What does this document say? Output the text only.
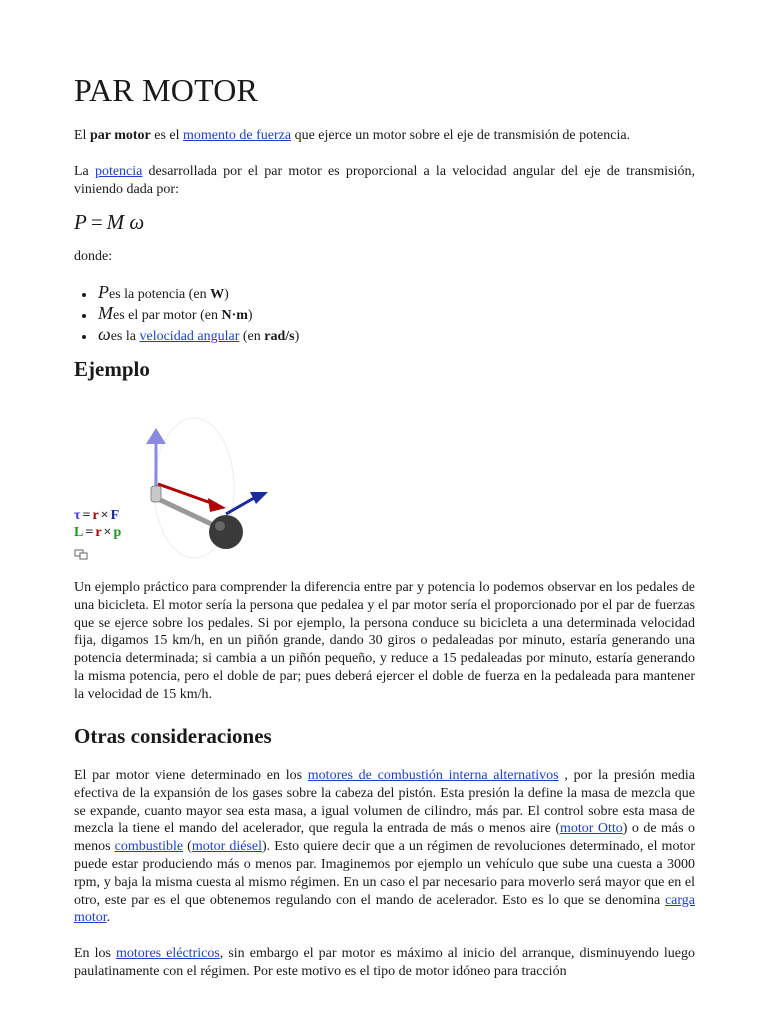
PAR MOTOR

El par motor es el momento de fuerza que ejerce un motor sobre el eje de transmisión de potencia.

La potencia desarrollada por el par motor es proporcional a la velocidad angular del eje de transmisión, viniendo dada por:

P = M ω

donde:

• Pes la potencia (en W)
• Mes el par motor (en N·m)
• ωes la velocidad angular (en rad/s)
Ejemplo
τ = r × F
L = r × p

Un ejemplo práctico para comprender la diferencia entre par y potencia lo podemos observar en los pedales de una bicicleta. El motor sería la persona que pedalea y el par motor sería el proporcionado por el par de fuerzas que se ejerce sobre los pedales. Si por ejemplo, la persona conduce su bicicleta a una determinada velocidad fija, digamos 15 km/h, en un piñón grande, dando 30 giros o pedaleadas por minuto, estaría generando una potencia determinada; si cambia a un piñón pequeño, y reduce a 15 pedaleadas por minuto, estaría generando la misma potencia, pero el doble de par; pues deberá ejercer el doble de fuerza en la pedaleada para mantener la velocidad de 15 km/h.

Otras consideraciones

El par motor viene determinado en los motores de combustión interna alternativos , por la presión media efectiva de la expansión de los gases sobre la cabeza del pistón. Esta presión la define la masa de mezcla que se expande, cuanto mayor sea esta masa, a igual volumen de cilindro, más par. El control sobre esta masa de mezcla la tiene el mando del acelerador, que regula la entrada de más o menos aire (motor Otto) o de más o menos combustible (motor diésel). Esto quiere decir que a un régimen de revoluciones determinado, el motor puede estar produciendo más o menos par. Imaginemos por ejemplo un vehículo que sube una cuesta a 3000 rpm, y baja la misma cuesta al mismo régimen. En un caso el par necesario para moverlo será mayor que en el otro, este par es el que obtenemos regulando con el mando de acelerador. Esto es lo que se denomina carga motor.

En los motores eléctricos, sin embargo el par motor es máximo al inicio del arranque, disminuyendo luego paulatinamente con el régimen. Por este motivo es el tipo de motor idóneo para tracción
